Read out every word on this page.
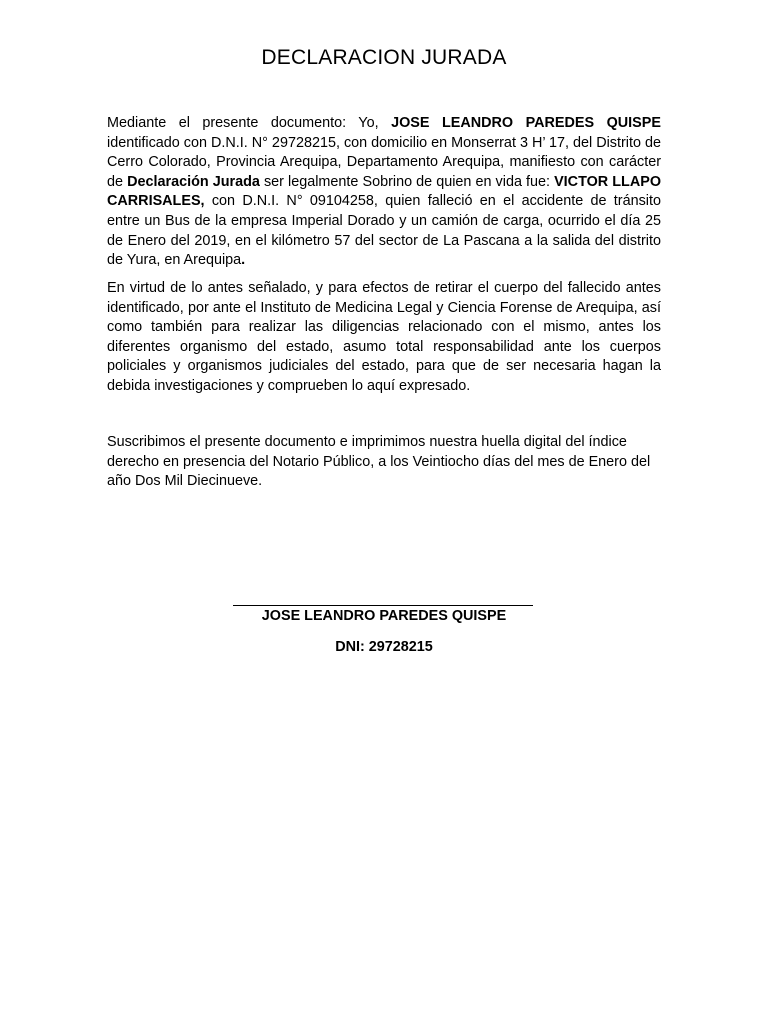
DECLARACION JURADA
Mediante el presente documento: Yo, JOSE LEANDRO PAREDES QUISPE identificado con D.N.I. N° 29728215, con domicilio en Monserrat 3 H’ 17, del Distrito de Cerro Colorado, Provincia Arequipa, Departamento Arequipa, manifiesto con carácter de Declaración Jurada ser legalmente Sobrino de quien en vida fue: VICTOR LLAPO CARRISALES, con D.N.I. N° 09104258, quien falleció en el accidente de tránsito entre un Bus de la empresa Imperial Dorado y un camión de carga, ocurrido el día 25 de Enero del 2019, en el kilómetro 57 del sector de La Pascana a la salida del distrito de Yura, en Arequipa.
En virtud de lo antes señalado, y para efectos de retirar el cuerpo del fallecido antes identificado, por ante el Instituto de Medicina Legal y Ciencia Forense de Arequipa, así como también para realizar las diligencias relacionado con el mismo, antes los diferentes organismo del estado, asumo total responsabilidad ante los cuerpos policiales y organismos judiciales del estado, para que de ser necesaria hagan la debida investigaciones y comprueben lo aquí expresado.
Suscribimos el presente documento e imprimimos nuestra huella digital del índice derecho en presencia del Notario Público, a los Veintiocho días del mes de Enero del año Dos Mil Diecinueve.
JOSE LEANDRO PAREDES QUISPE
DNI: 29728215
